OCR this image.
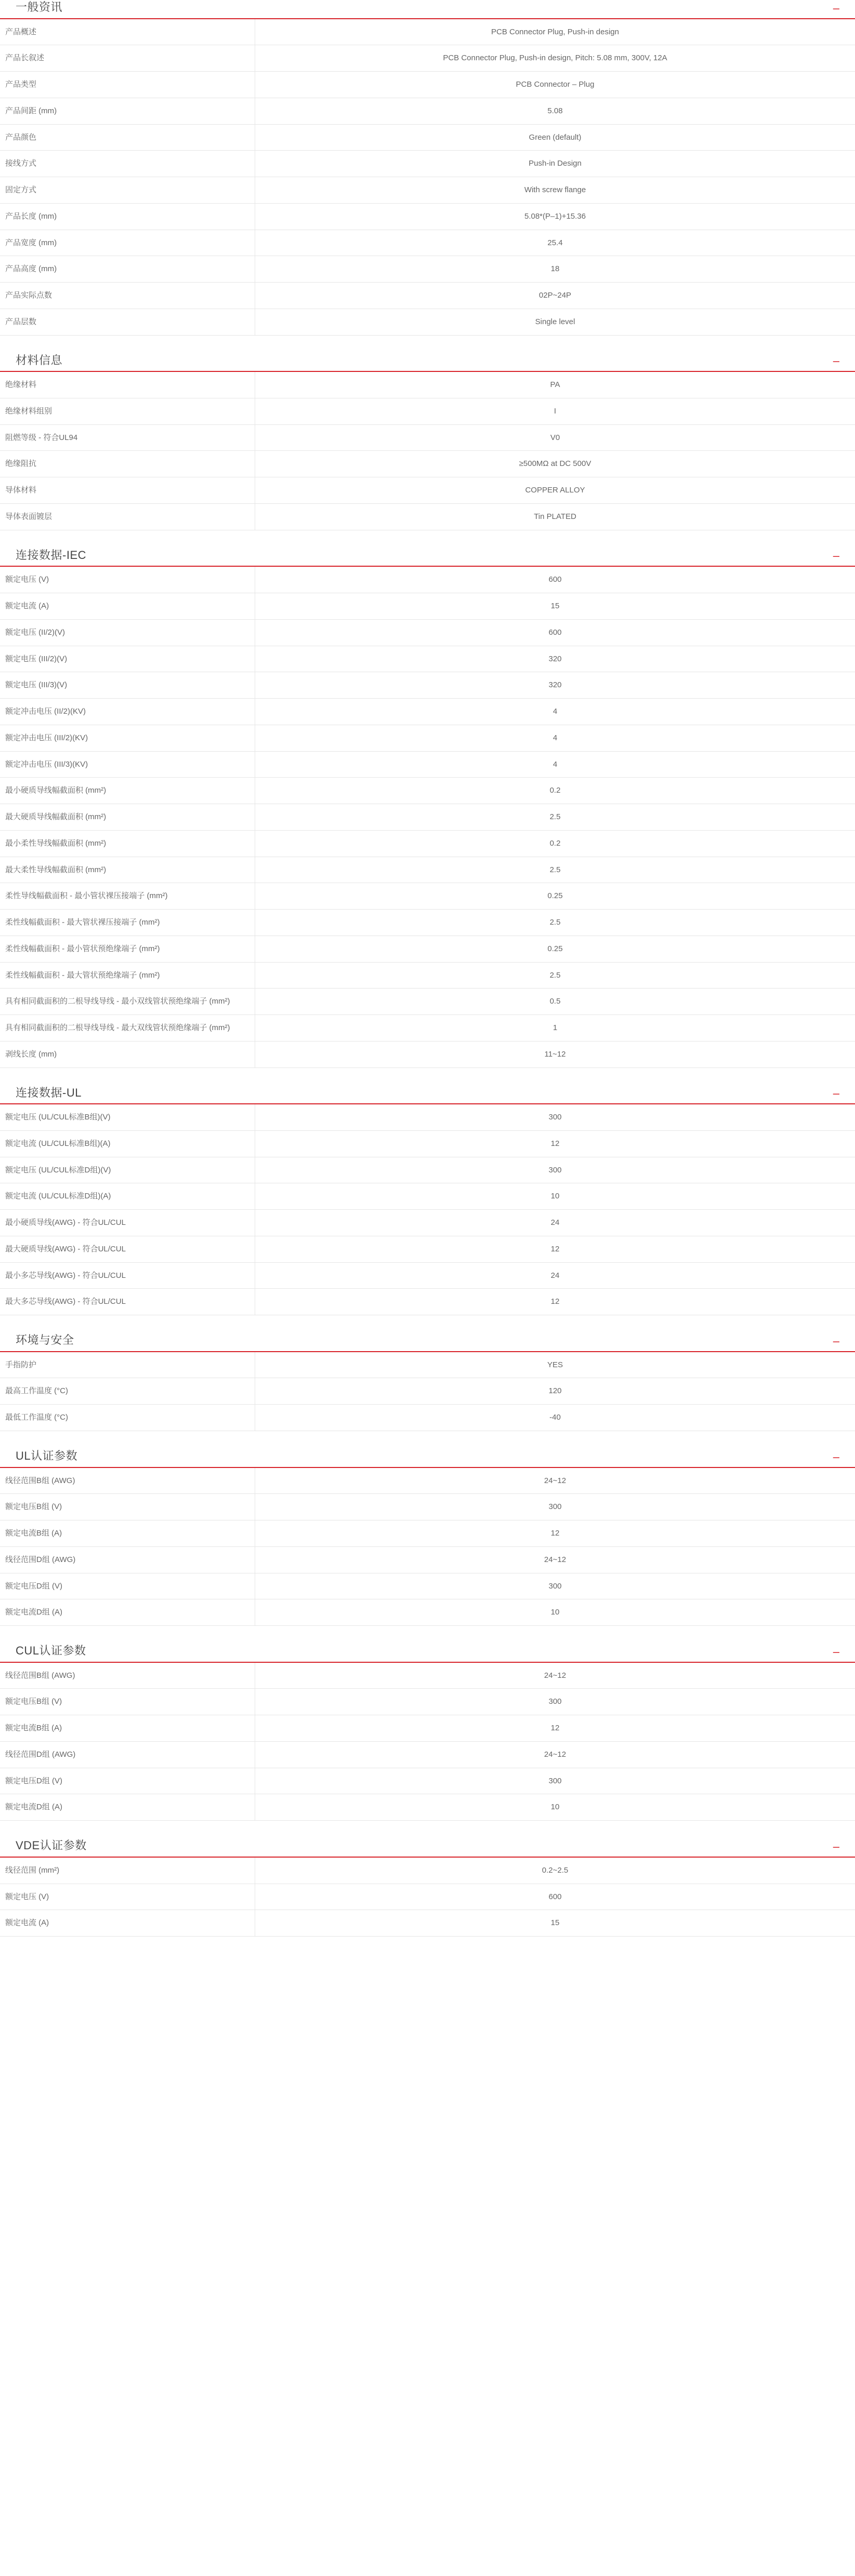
一般资讯	–
产品概述	PCB Connector Plug, Push-in design
产品长叙述	PCB Connector Plug, Push-in design, Pitch: 5.08 mm, 300V, 12A
产品类型	PCB Connector – Plug
产品间距 (mm)	5.08
产品颜色	Green (default)
接线方式	Push-in Design
固定方式	With screw flange
产品长度 (mm)	5.08*(P–1)+15.36
产品宽度 (mm)	25.4
产品高度 (mm)	18
产品实际点数	02P~24P
产品层数	Single level
材料信息	–
绝缘材料	PA
绝缘材料组别	I
阻燃等级 - 符合UL94	V0
绝缘阻抗	≥500MΩ at DC 500V
导体材料	COPPER ALLOY
导体表面镀层	Tin PLATED
连接数据-IEC	–
额定电压 (V)	600
额定电流 (A)	15
额定电压 (II/2)(V)	600
额定电压 (III/2)(V)	320
额定电压 (III/3)(V)	320
额定冲击电压 (II/2)(KV)	4
额定冲击电压 (III/2)(KV)	4
额定冲击电压 (III/3)(KV)	4
最小硬质导线幅截面积 (mm²)	0.2
最大硬质导线幅截面积 (mm²)	2.5
最小柔性导线幅截面积 (mm²)	0.2
最大柔性导线幅截面积 (mm²)	2.5
柔性导线幅截面积 - 最小管状裸压接端子 (mm²)	0.25
柔性线幅截面积 - 最大管状裸压接端子 (mm²)	2.5
柔性线幅截面积 - 最小管状预绝缘端子 (mm²)	0.25
柔性线幅截面积 - 最大管状预绝缘端子 (mm²)	2.5
具有相同截面积的二根导线导线 - 最小双线管状预绝缘端子 (mm²)	0.5
具有相同截面积的二根导线导线 - 最大双线管状预绝缘端子 (mm²)	1
剥线长度 (mm)	11~12
连接数据-UL	–
额定电压 (UL/CUL标准B组)(V)	300
额定电流 (UL/CUL标准B组)(A)	12
额定电压 (UL/CUL标准D组)(V)	300
额定电流 (UL/CUL标准D组)(A)	10
最小硬质导线(AWG) - 符合UL/CUL	24
最大硬质导线(AWG) - 符合UL/CUL	12
最小多芯导线(AWG) - 符合UL/CUL	24
最大多芯导线(AWG) - 符合UL/CUL	12
环境与安全	–
手指防护	YES
最高工作温度 (°C)	120
最低工作温度 (°C)	-40
UL认证参数	–
线径范围B组 (AWG)	24~12
额定电压B组 (V)	300
额定电流B组 (A)	12
线径范围D组 (AWG)	24~12
额定电压D组 (V)	300
额定电流D组 (A)	10
CUL认证参数	–
线径范围B组 (AWG)	24~12
额定电压B组 (V)	300
额定电流B组 (A)	12
线径范围D组 (AWG)	24~12
额定电压D组 (V)	300
额定电流D组 (A)	10
VDE认证参数	–
线径范围 (mm²)	0.2~2.5
额定电压 (V)	600
额定电流 (A)	15
